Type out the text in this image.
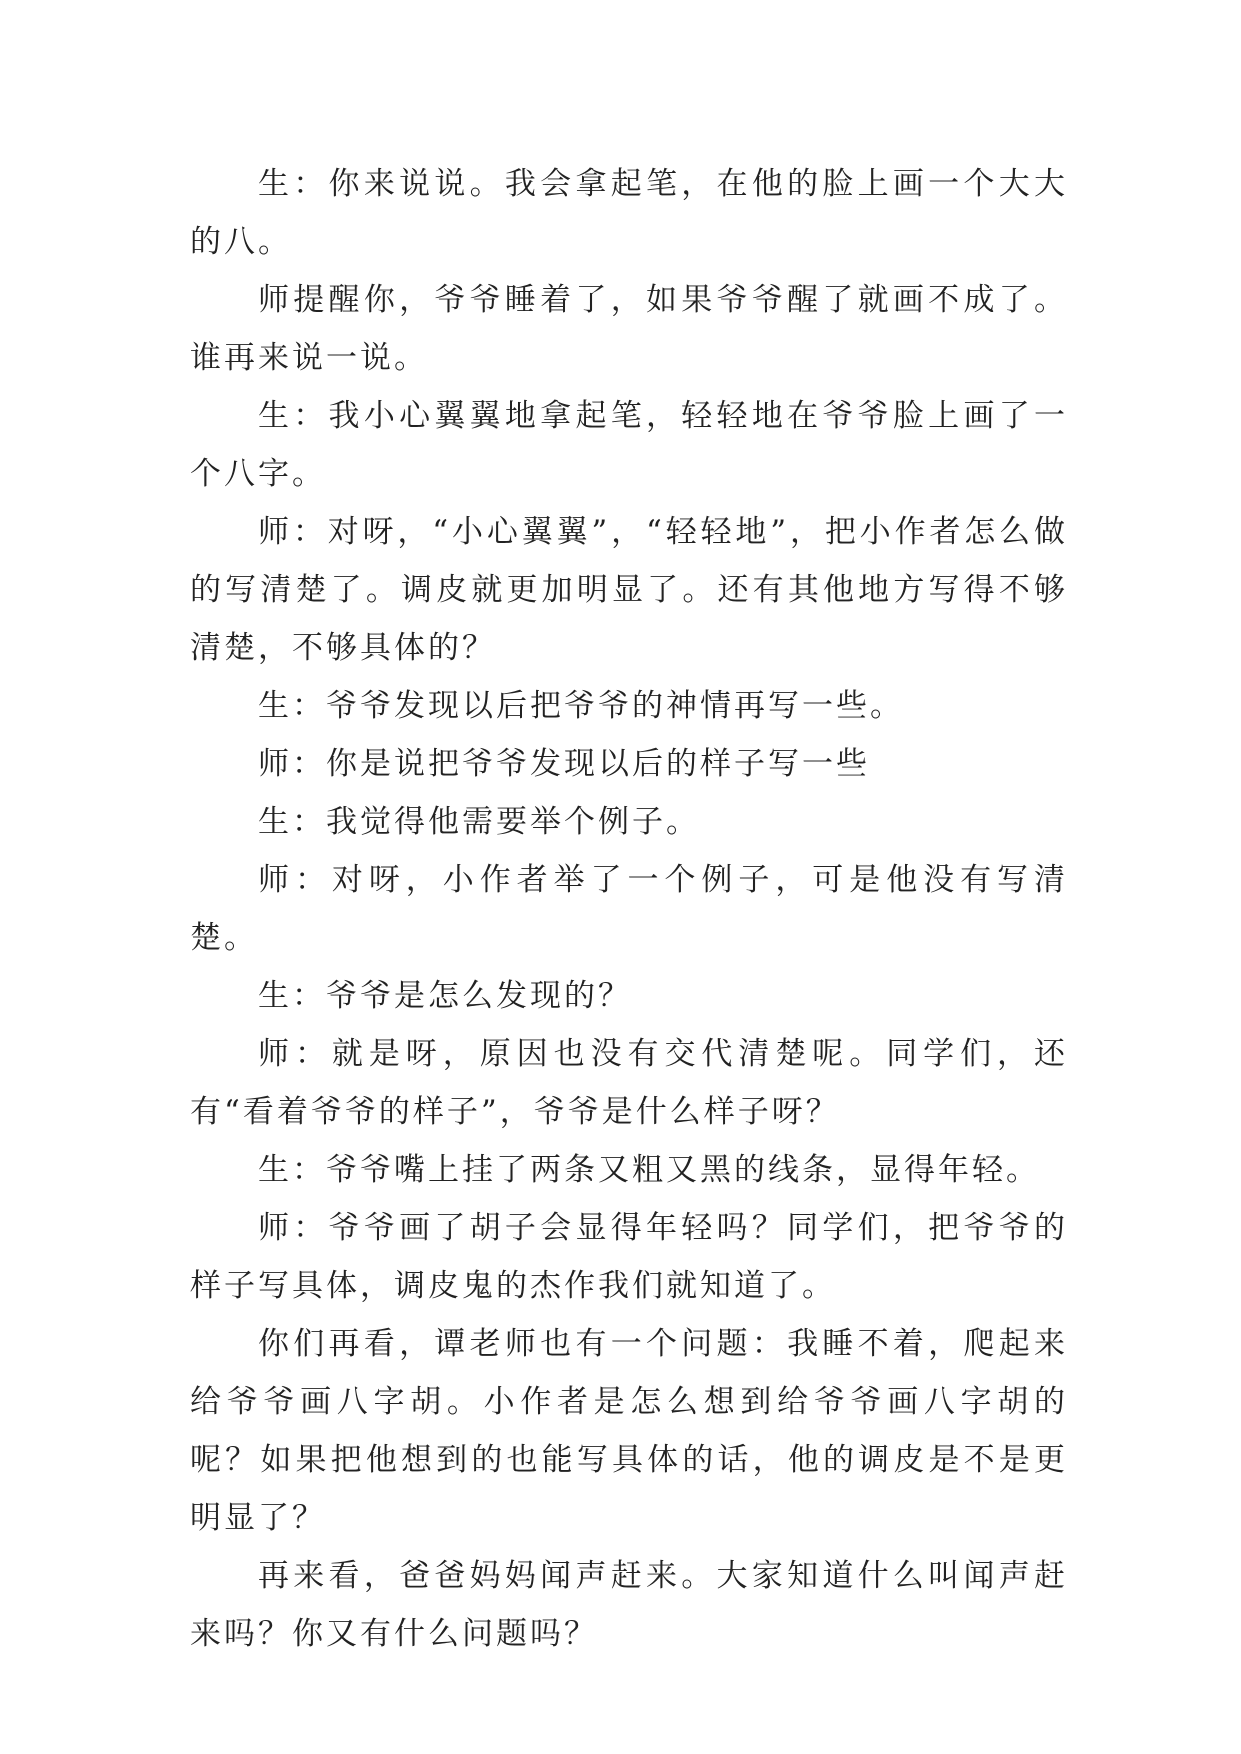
生：你来说说。我会拿起笔，在他的脸上画一个大大的八。

师提醒你，爷爷睡着了，如果爷爷醒了就画不成了。谁再来说一说。

生：我小心翼翼地拿起笔，轻轻地在爷爷脸上画了一个八字。

师：对呀，“小心翼翼”，“轻轻地”，把小作者怎么做的写清楚了。调皮就更加明显了。还有其他地方写得不够清楚，不够具体的？

生：爷爷发现以后把爷爷的神情再写一些。

师：你是说把爷爷发现以后的样子写一些

生：我觉得他需要举个例子。

师：对呀，小作者举了一个例子，可是他没有写清楚。

生：爷爷是怎么发现的？

师：就是呀，原因也没有交代清楚呢。同学们，还有“看着爷爷的样子”，爷爷是什么样子呀？

生：爷爷嘴上挂了两条又粗又黑的线条，显得年轻。

师：爷爷画了胡子会显得年轻吗？同学们，把爷爷的样子写具体，调皮鬼的杰作我们就知道了。

你们再看，谭老师也有一个问题：我睡不着，爬起来给爷爷画八字胡。小作者是怎么想到给爷爷画八字胡的呢？如果把他想到的也能写具体的话，他的调皮是不是更明显了？

再来看，爸爸妈妈闻声赶来。大家知道什么叫闻声赶来吗？你又有什么问题吗？
